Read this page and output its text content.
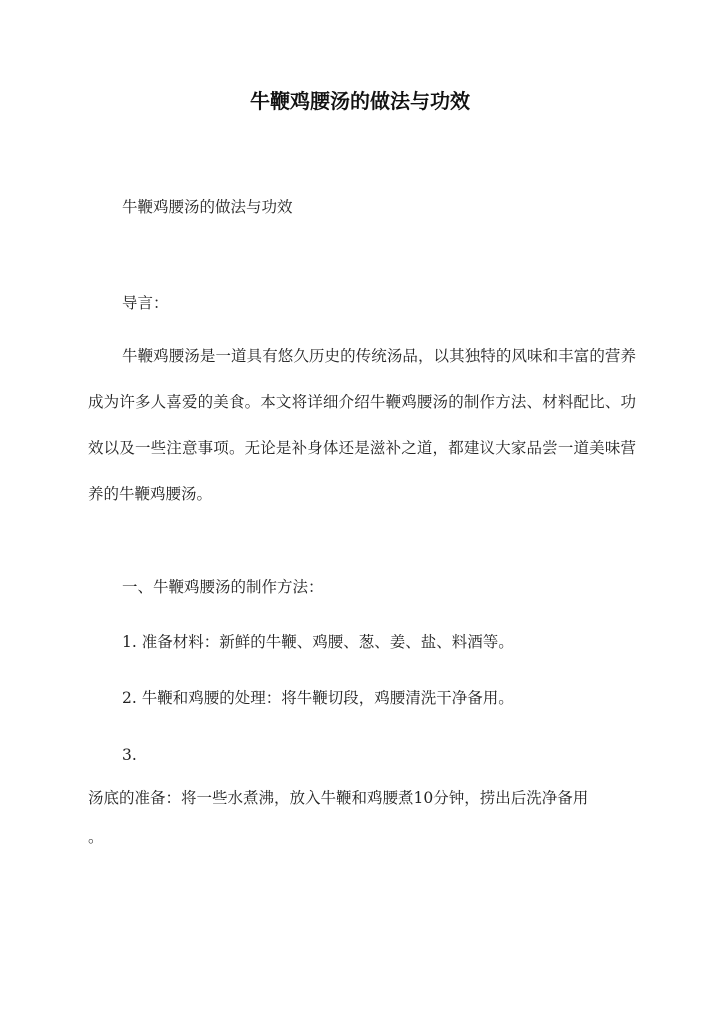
牛鞭鸡腰汤的做法与功效
牛鞭鸡腰汤的做法与功效
导言：

牛鞭鸡腰汤是一道具有悠久历史的传统汤品，以其独特的风味和丰富的营养成为许多人喜爱的美食。本文将详细介绍牛鞭鸡腰汤的制作方法、材料配比、功效以及一些注意事项。无论是补身体还是滋补之道，都建议大家品尝一道美味营养的牛鞭鸡腰汤。

一、牛鞭鸡腰汤的制作方法：
1. 准备材料：新鲜的牛鞭、鸡腰、葱、姜、盐、料酒等。
2. 牛鞭和鸡腰的处理：将牛鞭切段，鸡腰清洗干净备用。
3.
汤底的准备：将一些水煮沸，放入牛鞭和鸡腰煮10分钟，捞出后洗净备用
。
